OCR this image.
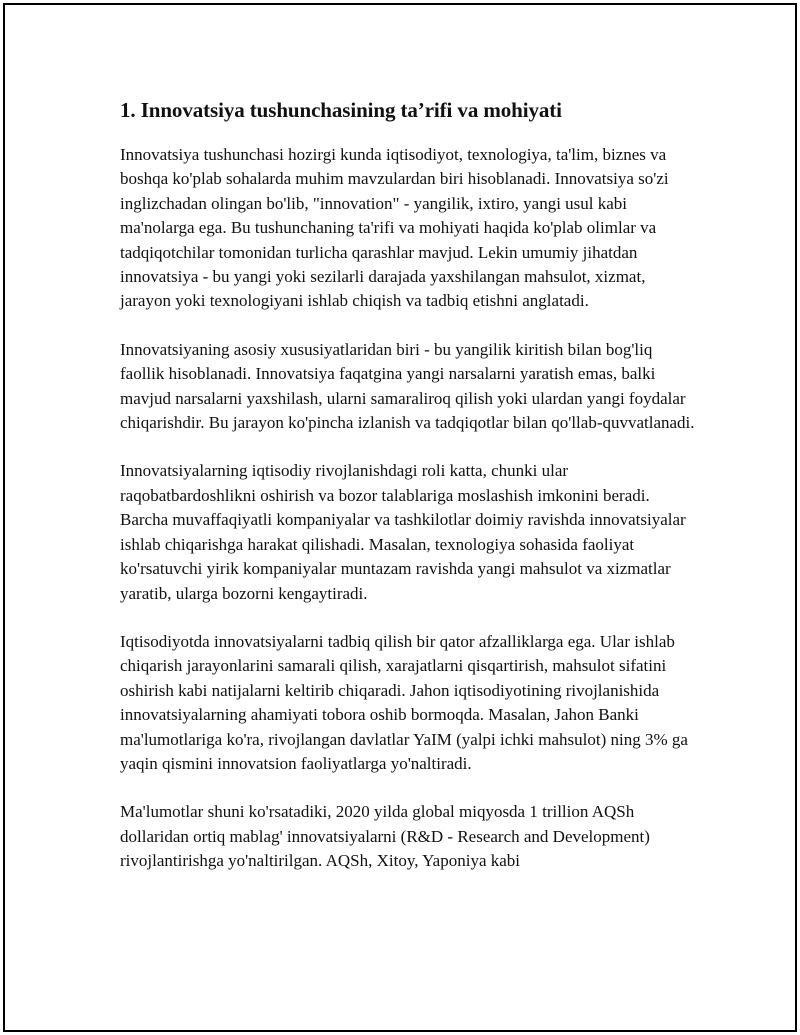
1. Innovatsiya tushunchasining ta’rifi va mohiyati

Innovatsiya tushunchasi hozirgi kunda iqtisodiyot, texnologiya, ta'lim, biznes va boshqa ko'plab sohalarda muhim mavzulardan biri hisoblanadi. Innovatsiya so'zi inglizchadan olingan bo'lib, "innovation" - yangilik, ixtiro, yangi usul kabi ma'nolarga ega. Bu tushunchaning ta'rifi va mohiyati haqida ko'plab olimlar va tadqiqotchilar tomonidan turlicha qarashlar mavjud. Lekin umumiy jihatdan innovatsiya - bu yangi yoki sezilarli darajada yaxshilangan mahsulot, xizmat, jarayon yoki texnologiyani ishlab chiqish va tadbiq etishni anglatadi.

Innovatsiyaning asosiy xususiyatlaridan biri - bu yangilik kiritish bilan bog'liq faollik hisoblanadi. Innovatsiya faqatgina yangi narsalarni yaratish emas, balki mavjud narsalarni yaxshilash, ularni samaraliroq qilish yoki ulardan yangi foydalar chiqarishdir. Bu jarayon ko'pincha izlanish va tadqiqotlar bilan qo'llab-quvvatlanadi.

Innovatsiyalarning iqtisodiy rivojlanishdagi roli katta, chunki ular raqobatbardoshlikni oshirish va bozor talablariga moslashish imkonini beradi. Barcha muvaffaqiyatli kompaniyalar va tashkilotlar doimiy ravishda innovatsiyalar ishlab chiqarishga harakat qilishadi. Masalan, texnologiya sohasida faoliyat ko'rsatuvchi yirik kompaniyalar muntazam ravishda yangi mahsulot va xizmatlar yaratib, ularga bozorni kengaytiradi.

Iqtisodiyotda innovatsiyalarni tadbiq qilish bir qator afzalliklarga ega. Ular ishlab chiqarish jarayonlarini samarali qilish, xarajatlarni qisqartirish, mahsulot sifatini oshirish kabi natijalarni keltirib chiqaradi. Jahon iqtisodiyotining rivojlanishida innovatsiyalarning ahamiyati tobora oshib bormoqda. Masalan, Jahon Banki ma'lumotlariga ko'ra, rivojlangan davlatlar YaIM (yalpi ichki mahsulot) ning 3% ga yaqin qismini innovatsion faoliyatlarga yo'naltiradi.

Ma'lumotlar shuni ko'rsatadiki, 2020 yilda global miqyosda 1 trillion AQSh dollaridan ortiq mablag' innovatsiyalarni (R&D - Research and Development) rivojlantirishga yo'naltirilgan. AQSh, Xitoy, Yaponiya kabi
